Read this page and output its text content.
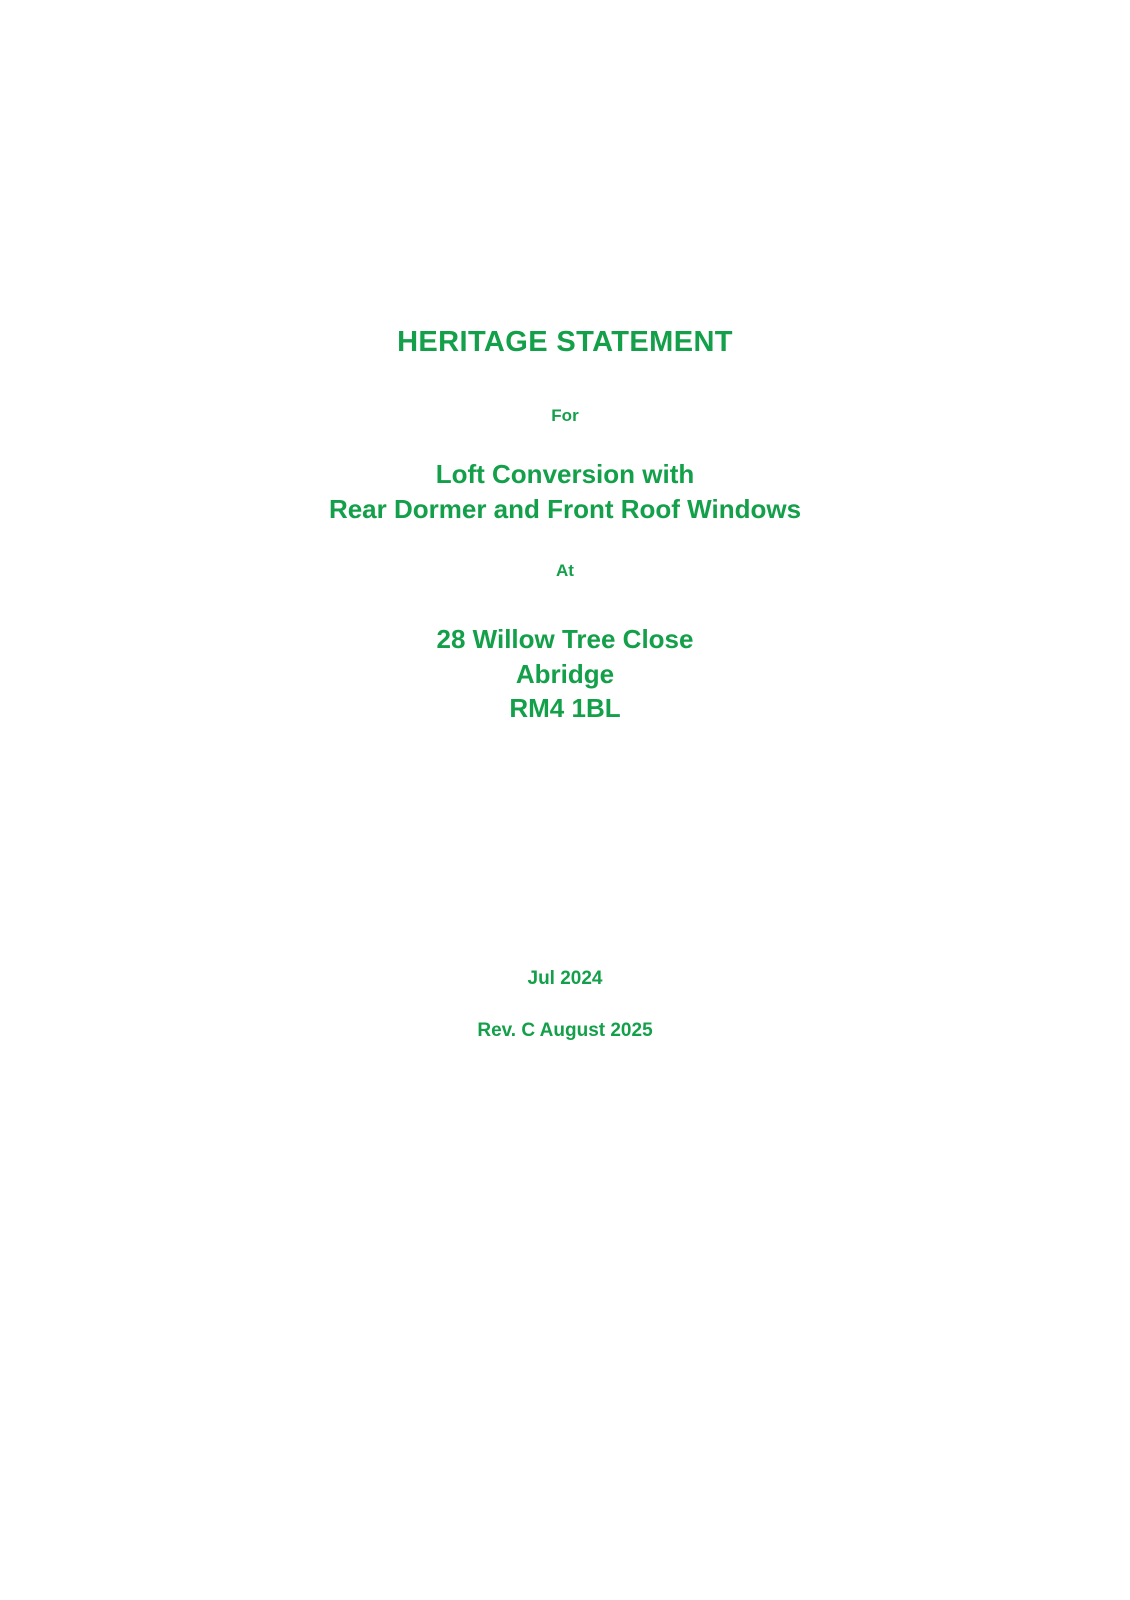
HERITAGE STATEMENT

For

Loft Conversion with
Rear Dormer and Front Roof Windows

At

28 Willow Tree Close
Abridge
RM4 1BL

Jul 2024

Rev. C August 2025
